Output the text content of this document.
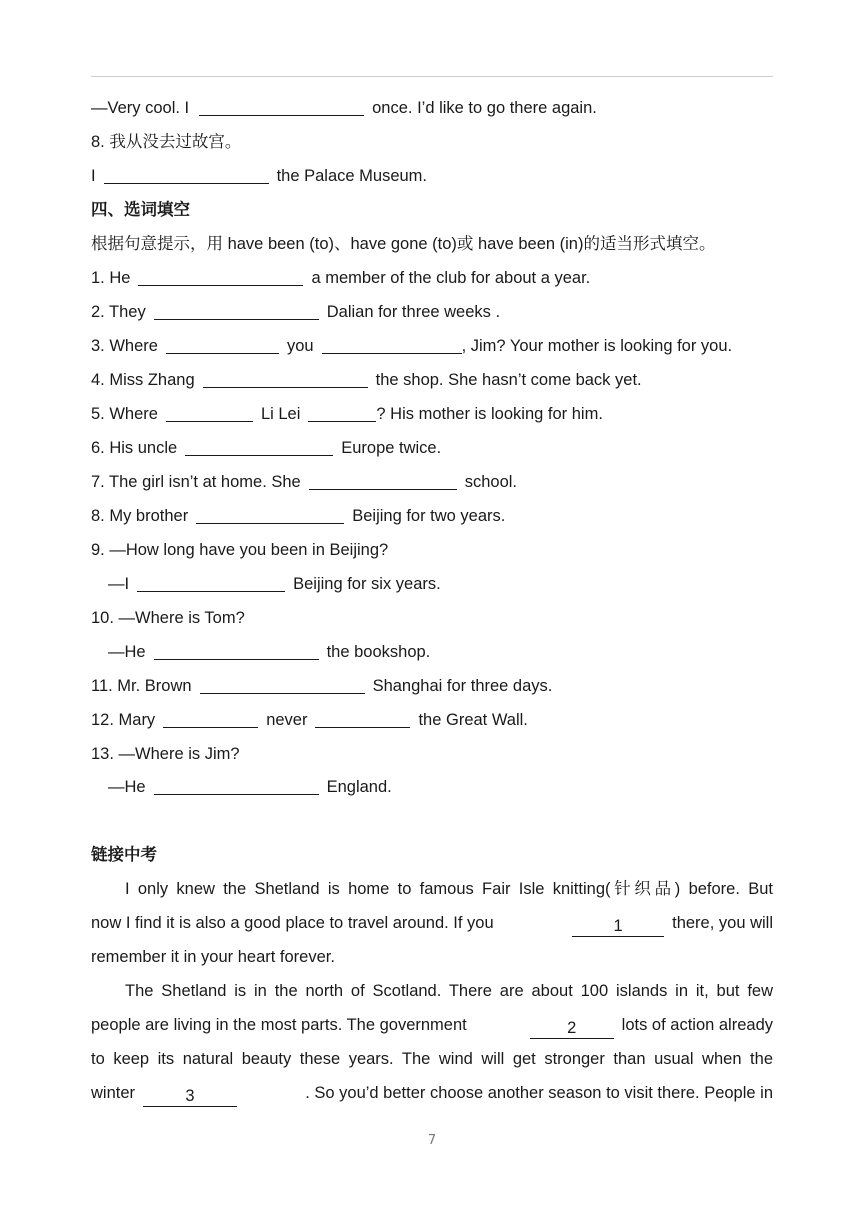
—Very cool. I	once. I’d like to go there again.
8. 我从没去过故宫。
I	the Palace Museum.
四、选词填空
根据句意提示，用 have been (to)、have gone (to)或 have been (in)的适当形式填空。
1. He	a member of the club for about a year.
2. They	Dalian for three weeks .
3. Where	you	, Jim? Your mother is looking for you.
4. Miss Zhang	the shop. She hasn’t come back yet.
5. Where	Li Lei	? His mother is looking for him.
6. His uncle	Europe twice.
7. The girl isn’t at home. She	school.
8. My brother	Beijing for two years.
9. —How long have you been in Beijing?
—I	Beijing for six years.
10. —Where is Tom?
—He	the bookshop.
11. Mr. Brown	Shanghai for three days.
12. Mary	never	the Great Wall.
13. —Where is Jim?
—He	England.
链接中考
I only knew the Shetland is home to famous Fair Isle knitting(针织品) before. But
now I find it is also a good place to travel around. If you	1	there, you will
remember it in your heart forever.
The Shetland is in the north of Scotland. There are about 100 islands in it, but few
people are living in the most parts. The government	2	lots of action already
to keep its natural beauty these years. The wind will get stronger than usual when the
winter	3	. So you’d better choose another season to visit there. People in
7
